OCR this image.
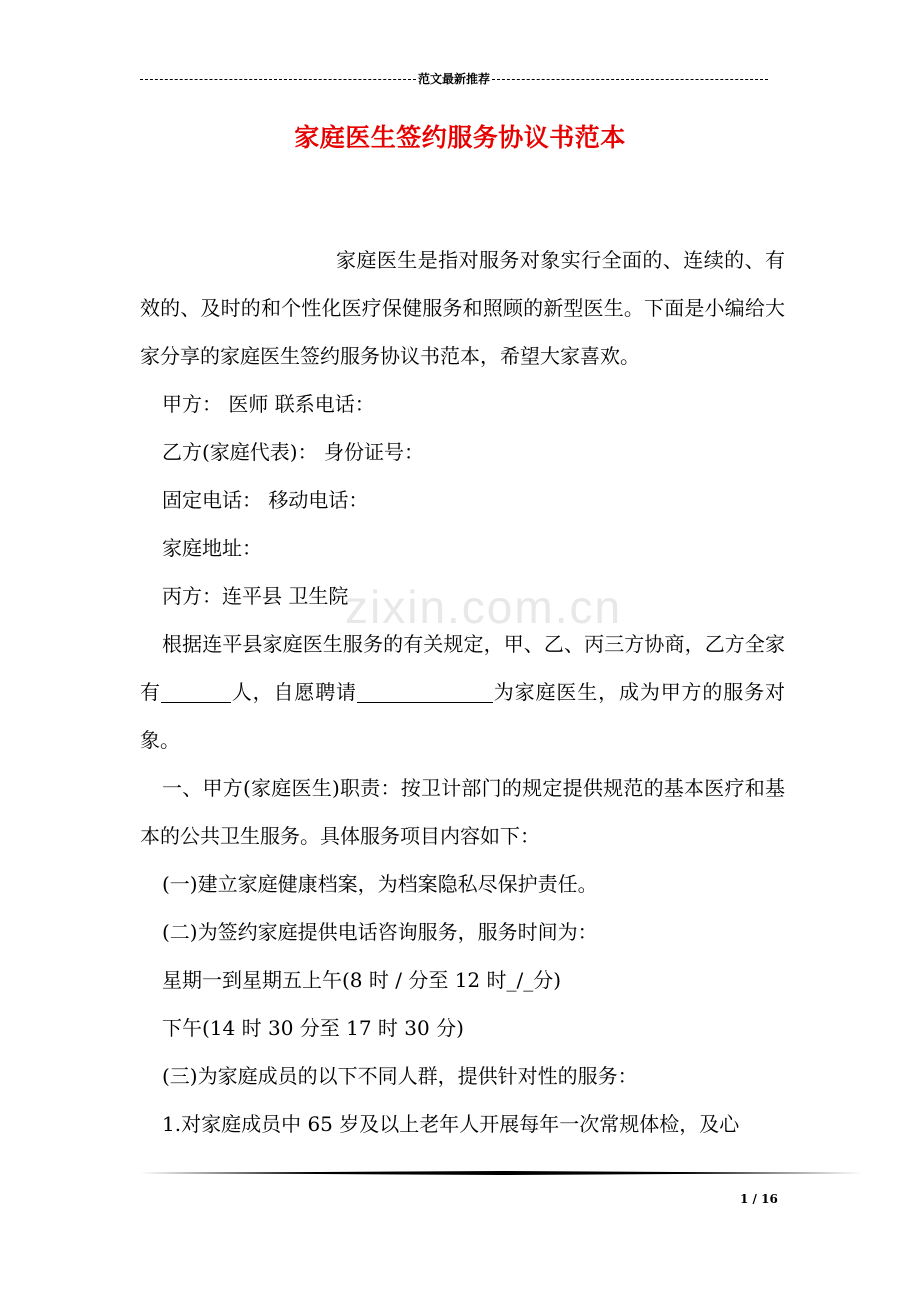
范文最新推荐
家庭医生签约服务协议书范本
zixin.com.cn

家庭医生是指对服务对象实行全面的、连续的、有效的、及时的和个性化医疗保健服务和照顾的新型医生。下面是小编给大家分享的家庭医生签约服务协议书范本，希望大家喜欢。

甲方： 医师 联系电话：

乙方(家庭代表)： 身份证号：

固定电话： 移动电话：

家庭地址：

丙方：连平县 卫生院

根据连平县家庭医生服务的有关规定，甲、乙、丙三方协商，乙方全家有	人，自愿聘请	为家庭医生，成为甲方的服务对象。

一、甲方(家庭医生)职责：按卫计部门的规定提供规范的基本医疗和基本的公共卫生服务。具体服务项目内容如下：

(一)建立家庭健康档案，为档案隐私尽保护责任。

(二)为签约家庭提供电话咨询服务，服务时间为：

星期一到星期五上午(8 时 / 分至 12 时_/_分)

下午(14 时 30 分至 17 时 30 分)

(三)为家庭成员的以下不同人群，提供针对性的服务：

1.对家庭成员中 65 岁及以上老年人开展每年一次常规体检，及心

1 / 16
